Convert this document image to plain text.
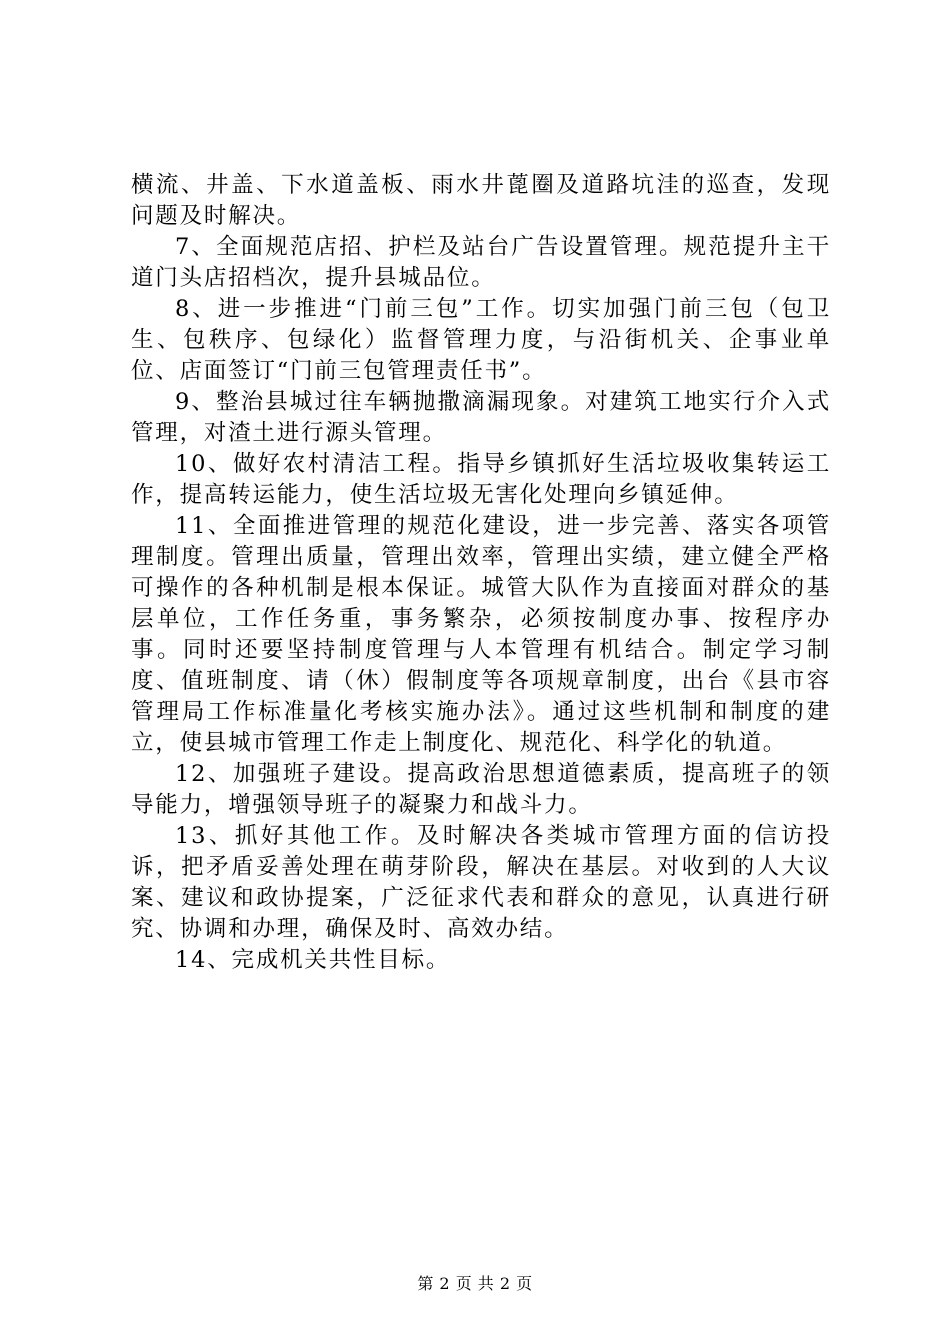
横流、井盖、下水道盖板、雨水井蓖圈及道路坑洼的巡查，发现问题及时解决。

7、全面规范店招、护栏及站台广告设置管理。规范提升主干道门头店招档次，提升县城品位。

8、进一步推进“门前三包”工作。切实加强门前三包（包卫生、包秩序、包绿化）监督管理力度，与沿街机关、企事业单位、店面签订“门前三包管理责任书”。

9、整治县城过往车辆抛撒滴漏现象。对建筑工地实行介入式管理，对渣土进行源头管理。

10、做好农村清洁工程。指导乡镇抓好生活垃圾收集转运工作，提高转运能力，使生活垃圾无害化处理向乡镇延伸。

11、全面推进管理的规范化建设，进一步完善、落实各项管理制度。管理出质量，管理出效率，管理出实绩，建立健全严格可操作的各种机制是根本保证。城管大队作为直接面对群众的基层单位，工作任务重，事务繁杂，必须按制度办事、按程序办事。同时还要坚持制度管理与人本管理有机结合。制定学习制度、值班制度、请（休）假制度等各项规章制度，出台《县市容管理局工作标准量化考核实施办法》。通过这些机制和制度的建立，使县城市管理工作走上制度化、规范化、科学化的轨道。

12、加强班子建设。提高政治思想道德素质，提高班子的领导能力，增强领导班子的凝聚力和战斗力。

13、抓好其他工作。及时解决各类城市管理方面的信访投诉，把矛盾妥善处理在萌芽阶段，解决在基层。对收到的人大议案、建议和政协提案，广泛征求代表和群众的意见，认真进行研究、协调和办理，确保及时、高效办结。

14、完成机关共性目标。

第 2 页 共 2 页
